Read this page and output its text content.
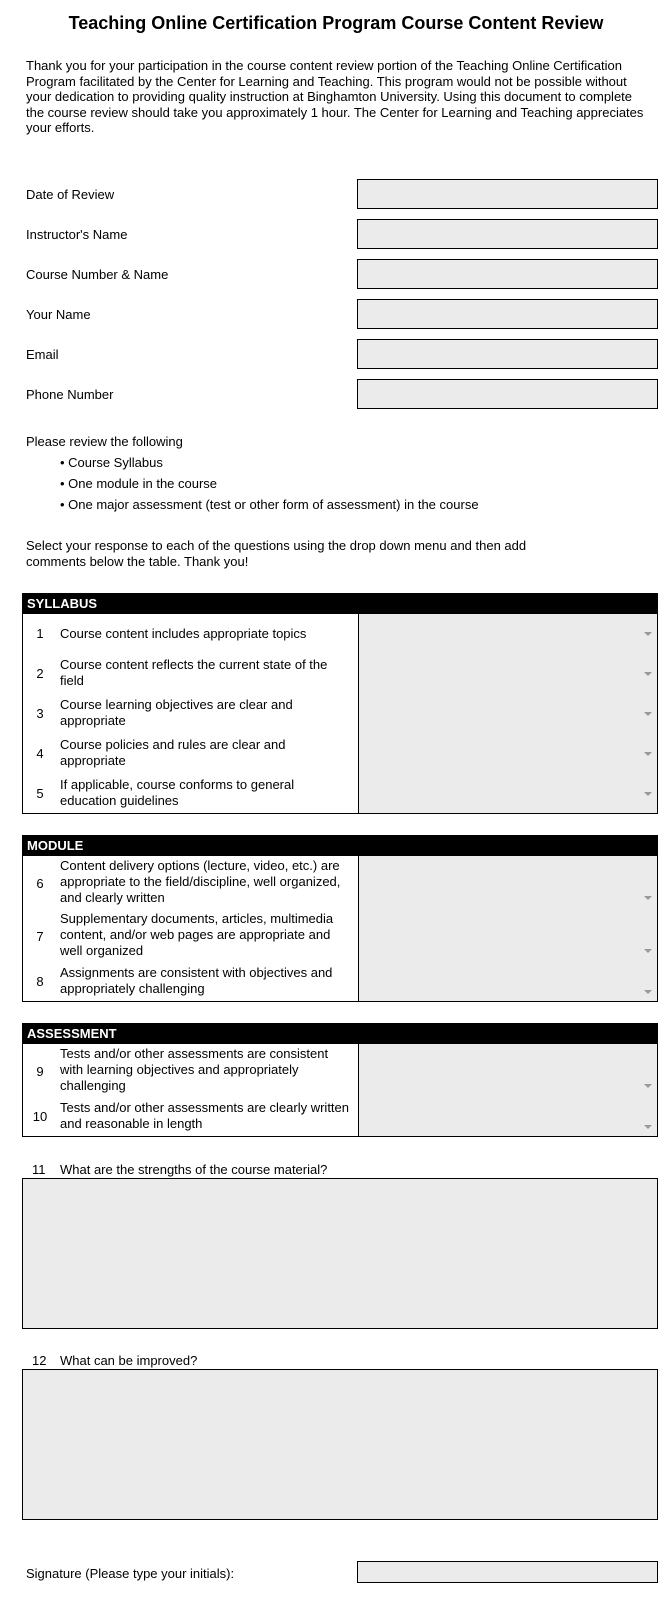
Teaching Online Certification Program Course Content Review
Thank you for your participation in the course content review portion of the Teaching Online Certification Program facilitated by the Center for Learning and Teaching. This program would not be possible without your dedication to providing quality instruction at Binghamton University. Using this document to complete the course review should take you approximately 1 hour. The Center for Learning and Teaching appreciates your efforts.
Date of Review
Instructor's Name
Course Number & Name
Your Name
Email
Phone Number
Please review the following
• Course Syllabus
• One module in the course
• One major assessment (test or other form of assessment) in the course
Select your response to each of the questions using the drop down menu and then add comments below the table. Thank you!
SYLLABUS
1	Course content includes appropriate topics
2
Course content reflects the current state of the field
3
Course learning objectives are clear and appropriate
4
Course policies and rules are clear and appropriate
5
If applicable, course conforms to general education guidelines
MODULE
6
Content delivery options (lecture, video, etc.) are appropriate to the field/discipline, well organized, and clearly written
7
Supplementary documents, articles, multimedia content, and/or web pages are appropriate and well organized
8
Assignments are consistent with objectives and appropriately challenging
ASSESSMENT
9
Tests and/or other assessments are consistent with learning objectives and appropriately challenging
10
Tests and/or other assessments are clearly written and reasonable in length
11 What are the strengths of the course material?
12 What can be improved?
Signature (Please type your initials):
